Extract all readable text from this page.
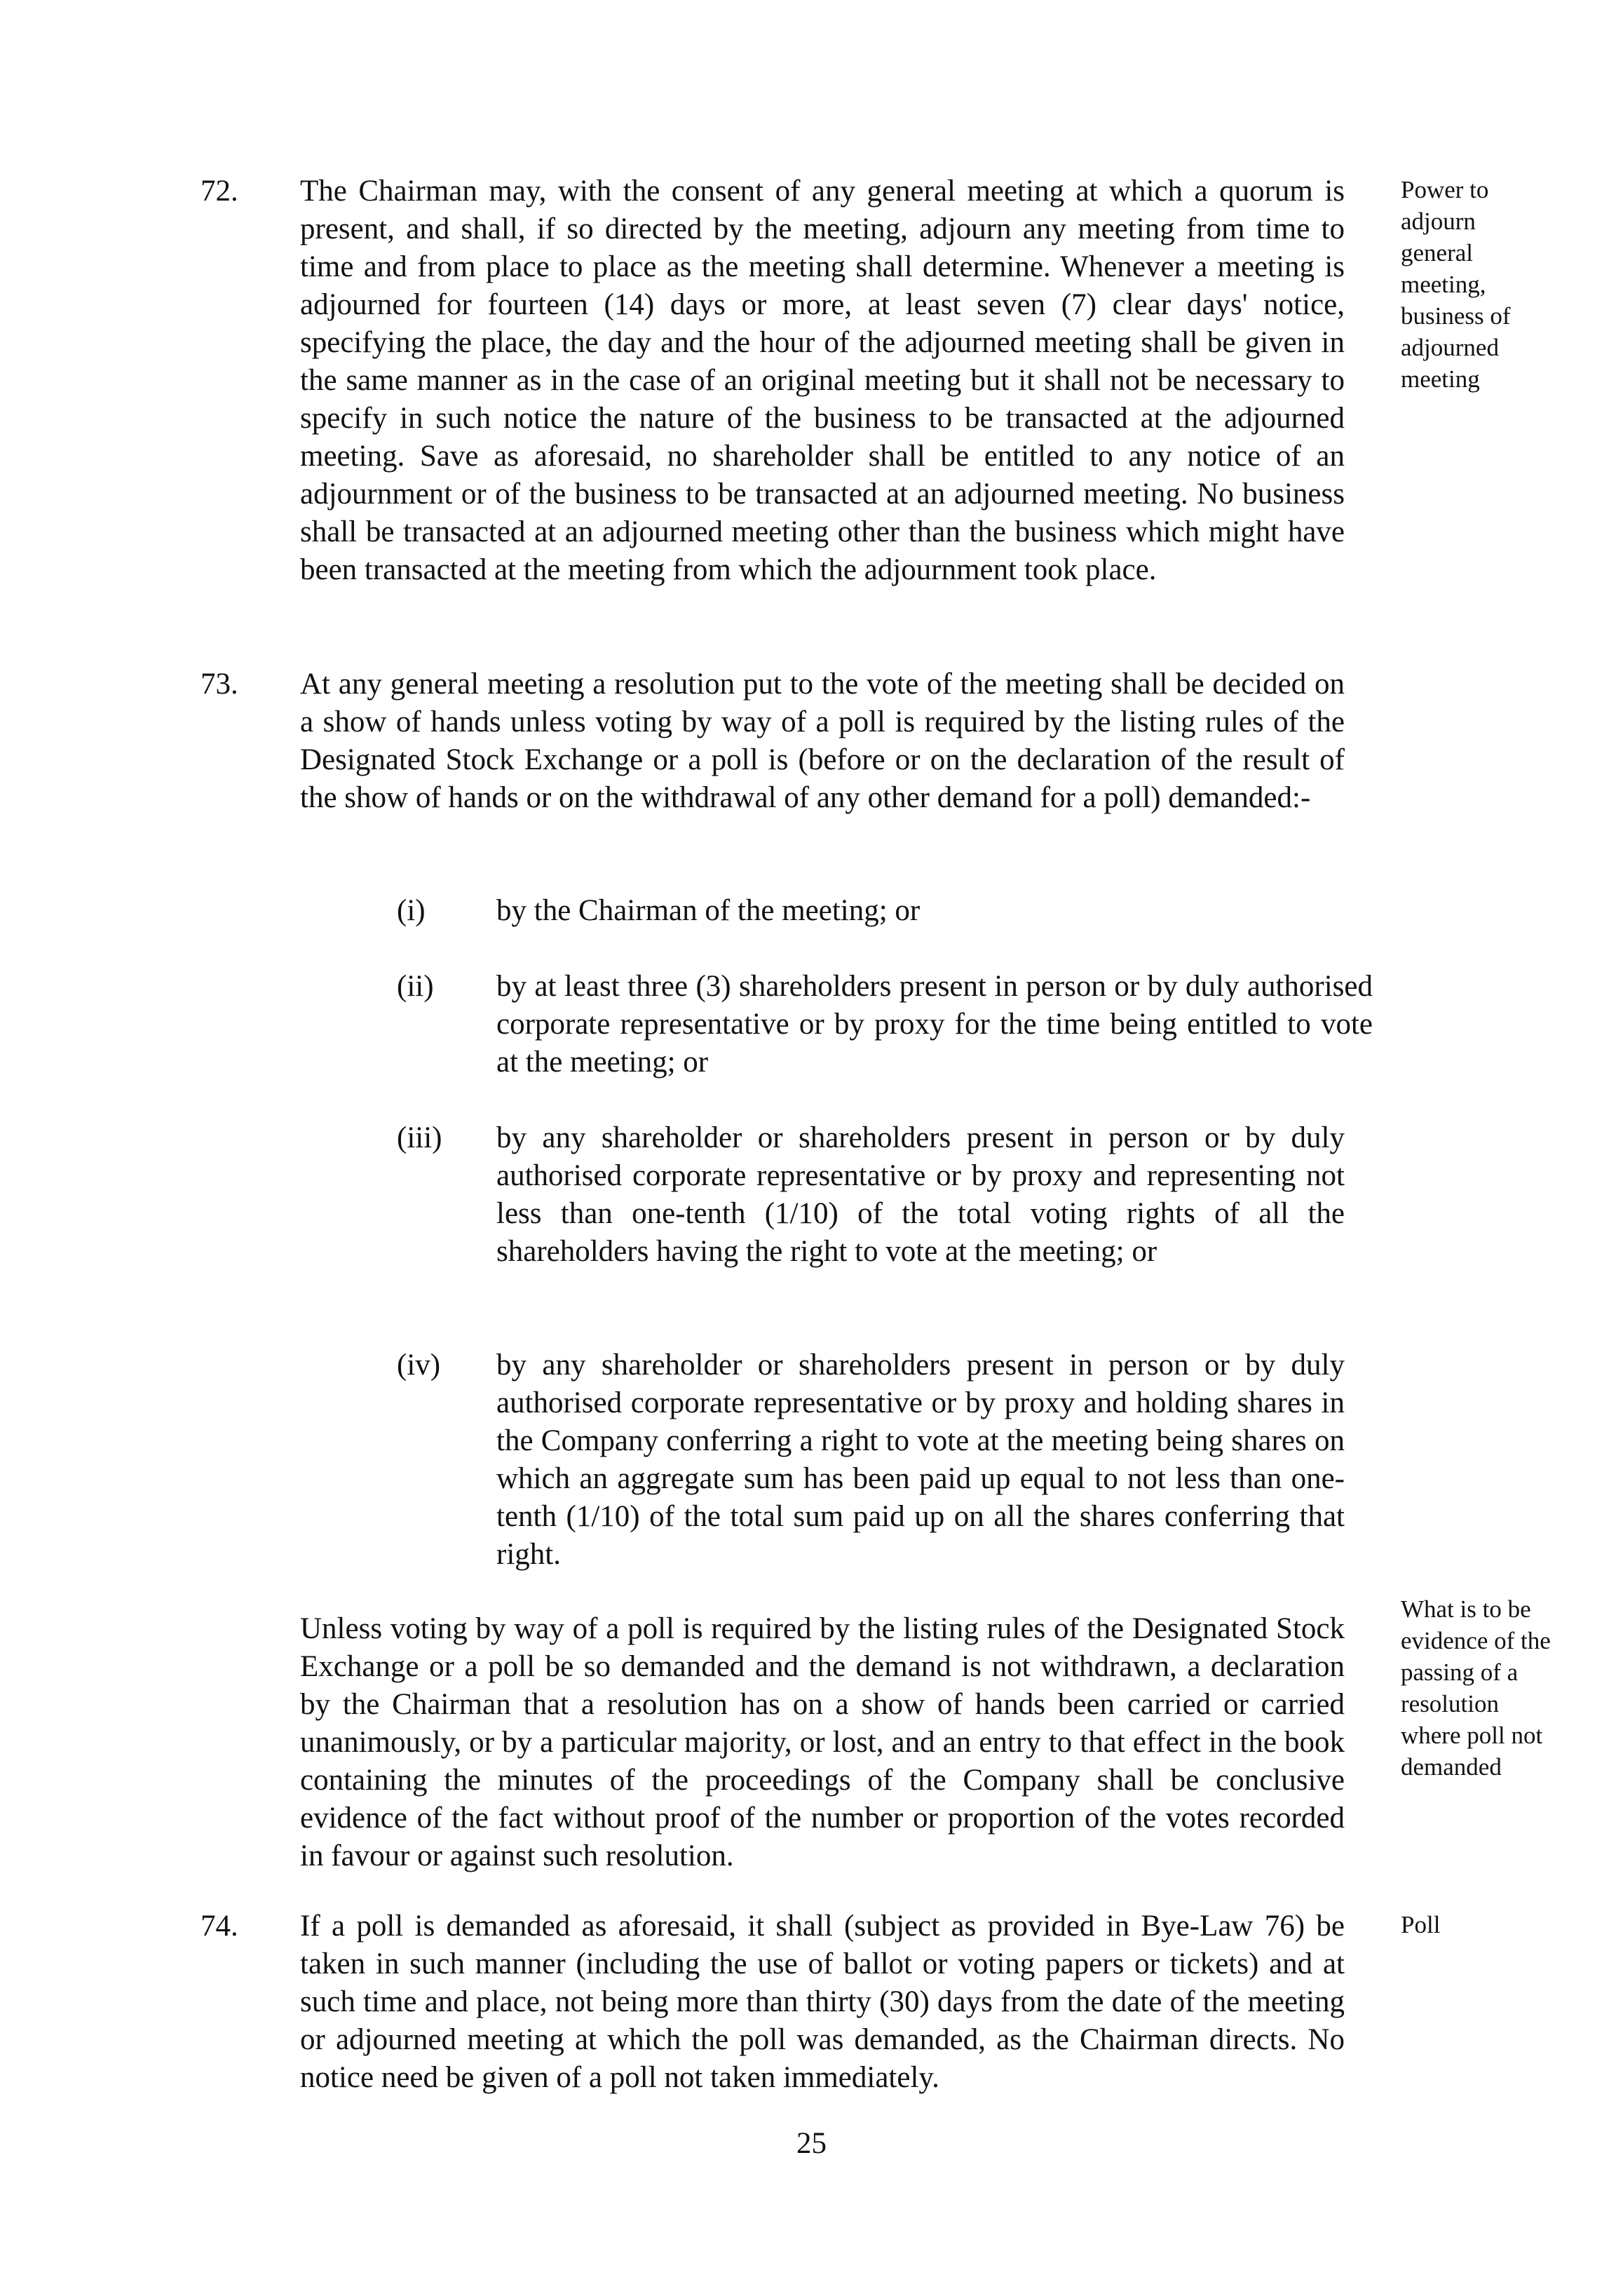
72. The Chairman may, with the consent of any general meeting at which a quorum is present, and shall, if so directed by the meeting, adjourn any meeting from time to time and from place to place as the meeting shall determine. Whenever a meeting is adjourned for fourteen (14) days or more, at least seven (7) clear days' notice, specifying the place, the day and the hour of the adjourned meeting shall be given in the same manner as in the case of an original meeting but it shall not be necessary to specify in such notice the nature of the business to be transacted at the adjourned meeting. Save as aforesaid, no shareholder shall be entitled to any notice of an adjournment or of the business to be transacted at an adjourned meeting. No business shall be transacted at an adjourned meeting other than the business which might have been transacted at the meeting from which the adjournment took place.

Power to adjourn general meeting, business of adjourned meeting

73. At any general meeting a resolution put to the vote of the meeting shall be decided on a show of hands unless voting by way of a poll is required by the listing rules of the Designated Stock Exchange or a poll is (before or on the declaration of the result of the show of hands or on the withdrawal of any other demand for a poll) demanded:-

(i) by the Chairman of the meeting; or

(ii) by at least three (3) shareholders present in person or by duly authorised corporate representative or by proxy for the time being entitled to vote at the meeting; or

(iii) by any shareholder or shareholders present in person or by duly authorised corporate representative or by proxy and representing not less than one-tenth (1/10) of the total voting rights of all the shareholders having the right to vote at the meeting; or

(iv) by any shareholder or shareholders present in person or by duly authorised corporate representative or by proxy and holding shares in the Company conferring a right to vote at the meeting being shares on which an aggregate sum has been paid up equal to not less than one-tenth (1/10) of the total sum paid up on all the shares conferring that right.

Unless voting by way of a poll is required by the listing rules of the Designated Stock Exchange or a poll be so demanded and the demand is not withdrawn, a declaration by the Chairman that a resolution has on a show of hands been carried or carried unanimously, or by a particular majority, or lost, and an entry to that effect in the book containing the minutes of the proceedings of the Company shall be conclusive evidence of the fact without proof of the number or proportion of the votes recorded in favour or against such resolution.

What is to be evidence of the passing of a resolution where poll not demanded

74. If a poll is demanded as aforesaid, it shall (subject as provided in Bye-Law 76) be taken in such manner (including the use of ballot or voting papers or tickets) and at such time and place, not being more than thirty (30) days from the date of the meeting or adjourned meeting at which the poll was demanded, as the Chairman directs. No notice need be given of a poll not taken immediately.

Poll

25
